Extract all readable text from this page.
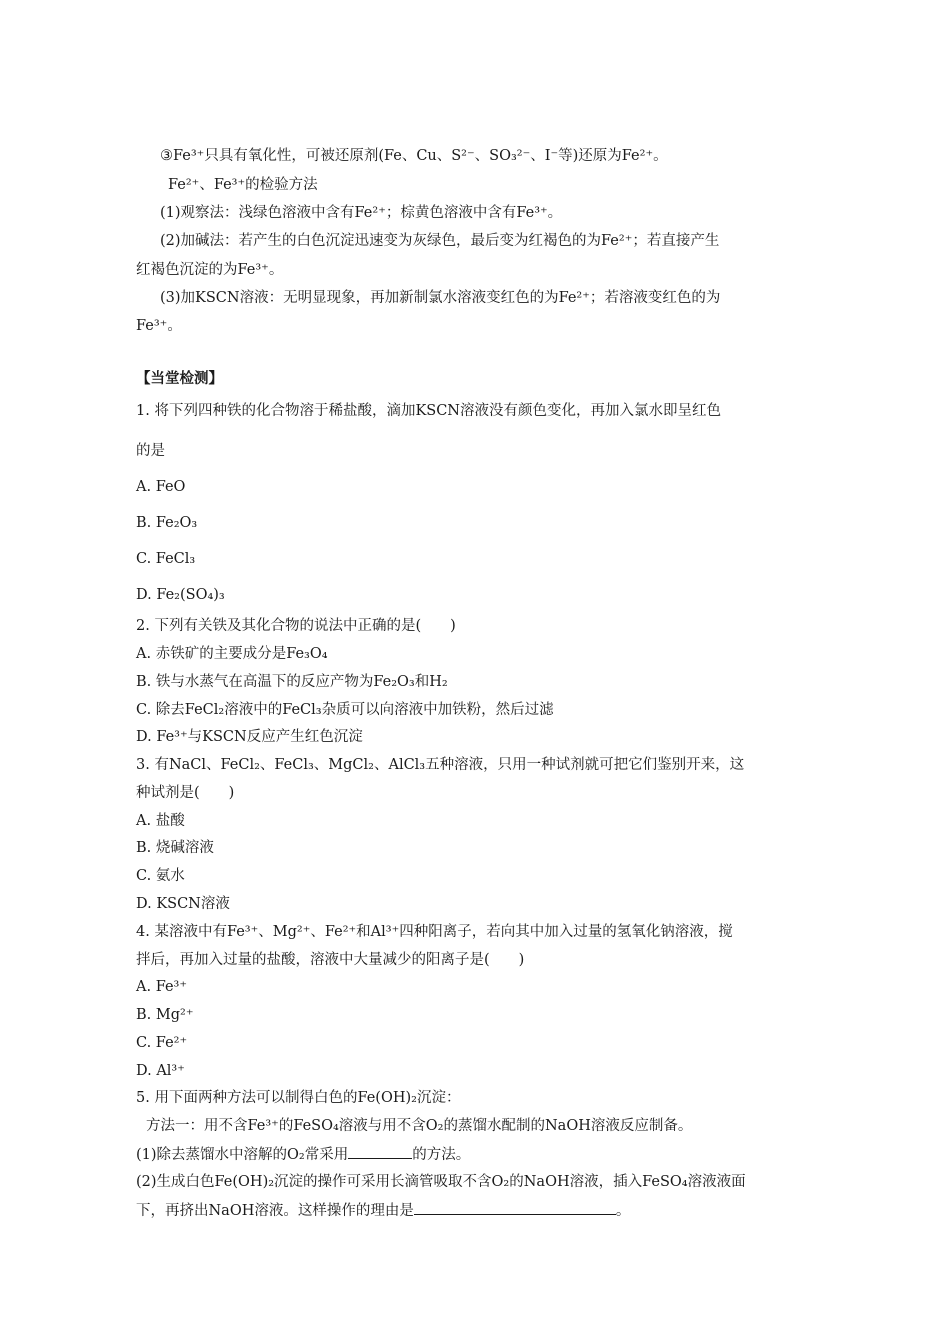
③Fe³⁺只具有氧化性，可被还原剂(Fe、Cu、S²⁻、SO₃²⁻、I⁻等)还原为Fe²⁺。
Fe²⁺、Fe³⁺的检验方法
(1)观察法：浅绿色溶液中含有Fe²⁺；棕黄色溶液中含有Fe³⁺。
(2)加碱法：若产生的白色沉淀迅速变为灰绿色，最后变为红褐色的为Fe²⁺；若直接产生
红褐色沉淀的为Fe³⁺。
(3)加KSCN溶液：无明显现象，再加新制氯水溶液变红色的为Fe²⁺；若溶液变红色的为
Fe³⁺。
【当堂检测】
1. 将下列四种铁的化合物溶于稀盐酸，滴加KSCN溶液没有颜色变化，再加入氯水即呈红色
的是
A. FeO
B. Fe₂O₃
C. FeCl₃
D. Fe₂(SO₄)₃
2. 下列有关铁及其化合物的说法中正确的是(　　)
A. 赤铁矿的主要成分是Fe₃O₄
B. 铁与水蒸气在高温下的反应产物为Fe₂O₃和H₂
C. 除去FeCl₂溶液中的FeCl₃杂质可以向溶液中加铁粉，然后过滤
D. Fe³⁺与KSCN反应产生红色沉淀
3. 有NaCl、FeCl₂、FeCl₃、MgCl₂、AlCl₃五种溶液，只用一种试剂就可把它们鉴别开来，这
种试剂是(　　)
A. 盐酸
B. 烧碱溶液
C. 氨水
D. KSCN溶液
4. 某溶液中有Fe³⁺、Mg²⁺、Fe²⁺和Al³⁺四种阳离子，若向其中加入过量的氢氧化钠溶液，搅
拌后，再加入过量的盐酸，溶液中大量减少的阳离子是(　　)
A. Fe³⁺
B. Mg²⁺
C. Fe²⁺
D. Al³⁺
5. 用下面两种方法可以制得白色的Fe(OH)₂沉淀：
方法一：用不含Fe³⁺的FeSO₄溶液与用不含O₂的蒸馏水配制的NaOH溶液反应制备。
(1)除去蒸馏水中溶解的O₂常采用	的方法。
(2)生成白色Fe(OH)₂沉淀的操作可采用长滴管吸取不含O₂的NaOH溶液，插入FeSO₄溶液液面
下，再挤出NaOH溶液。这样操作的理由是	。
